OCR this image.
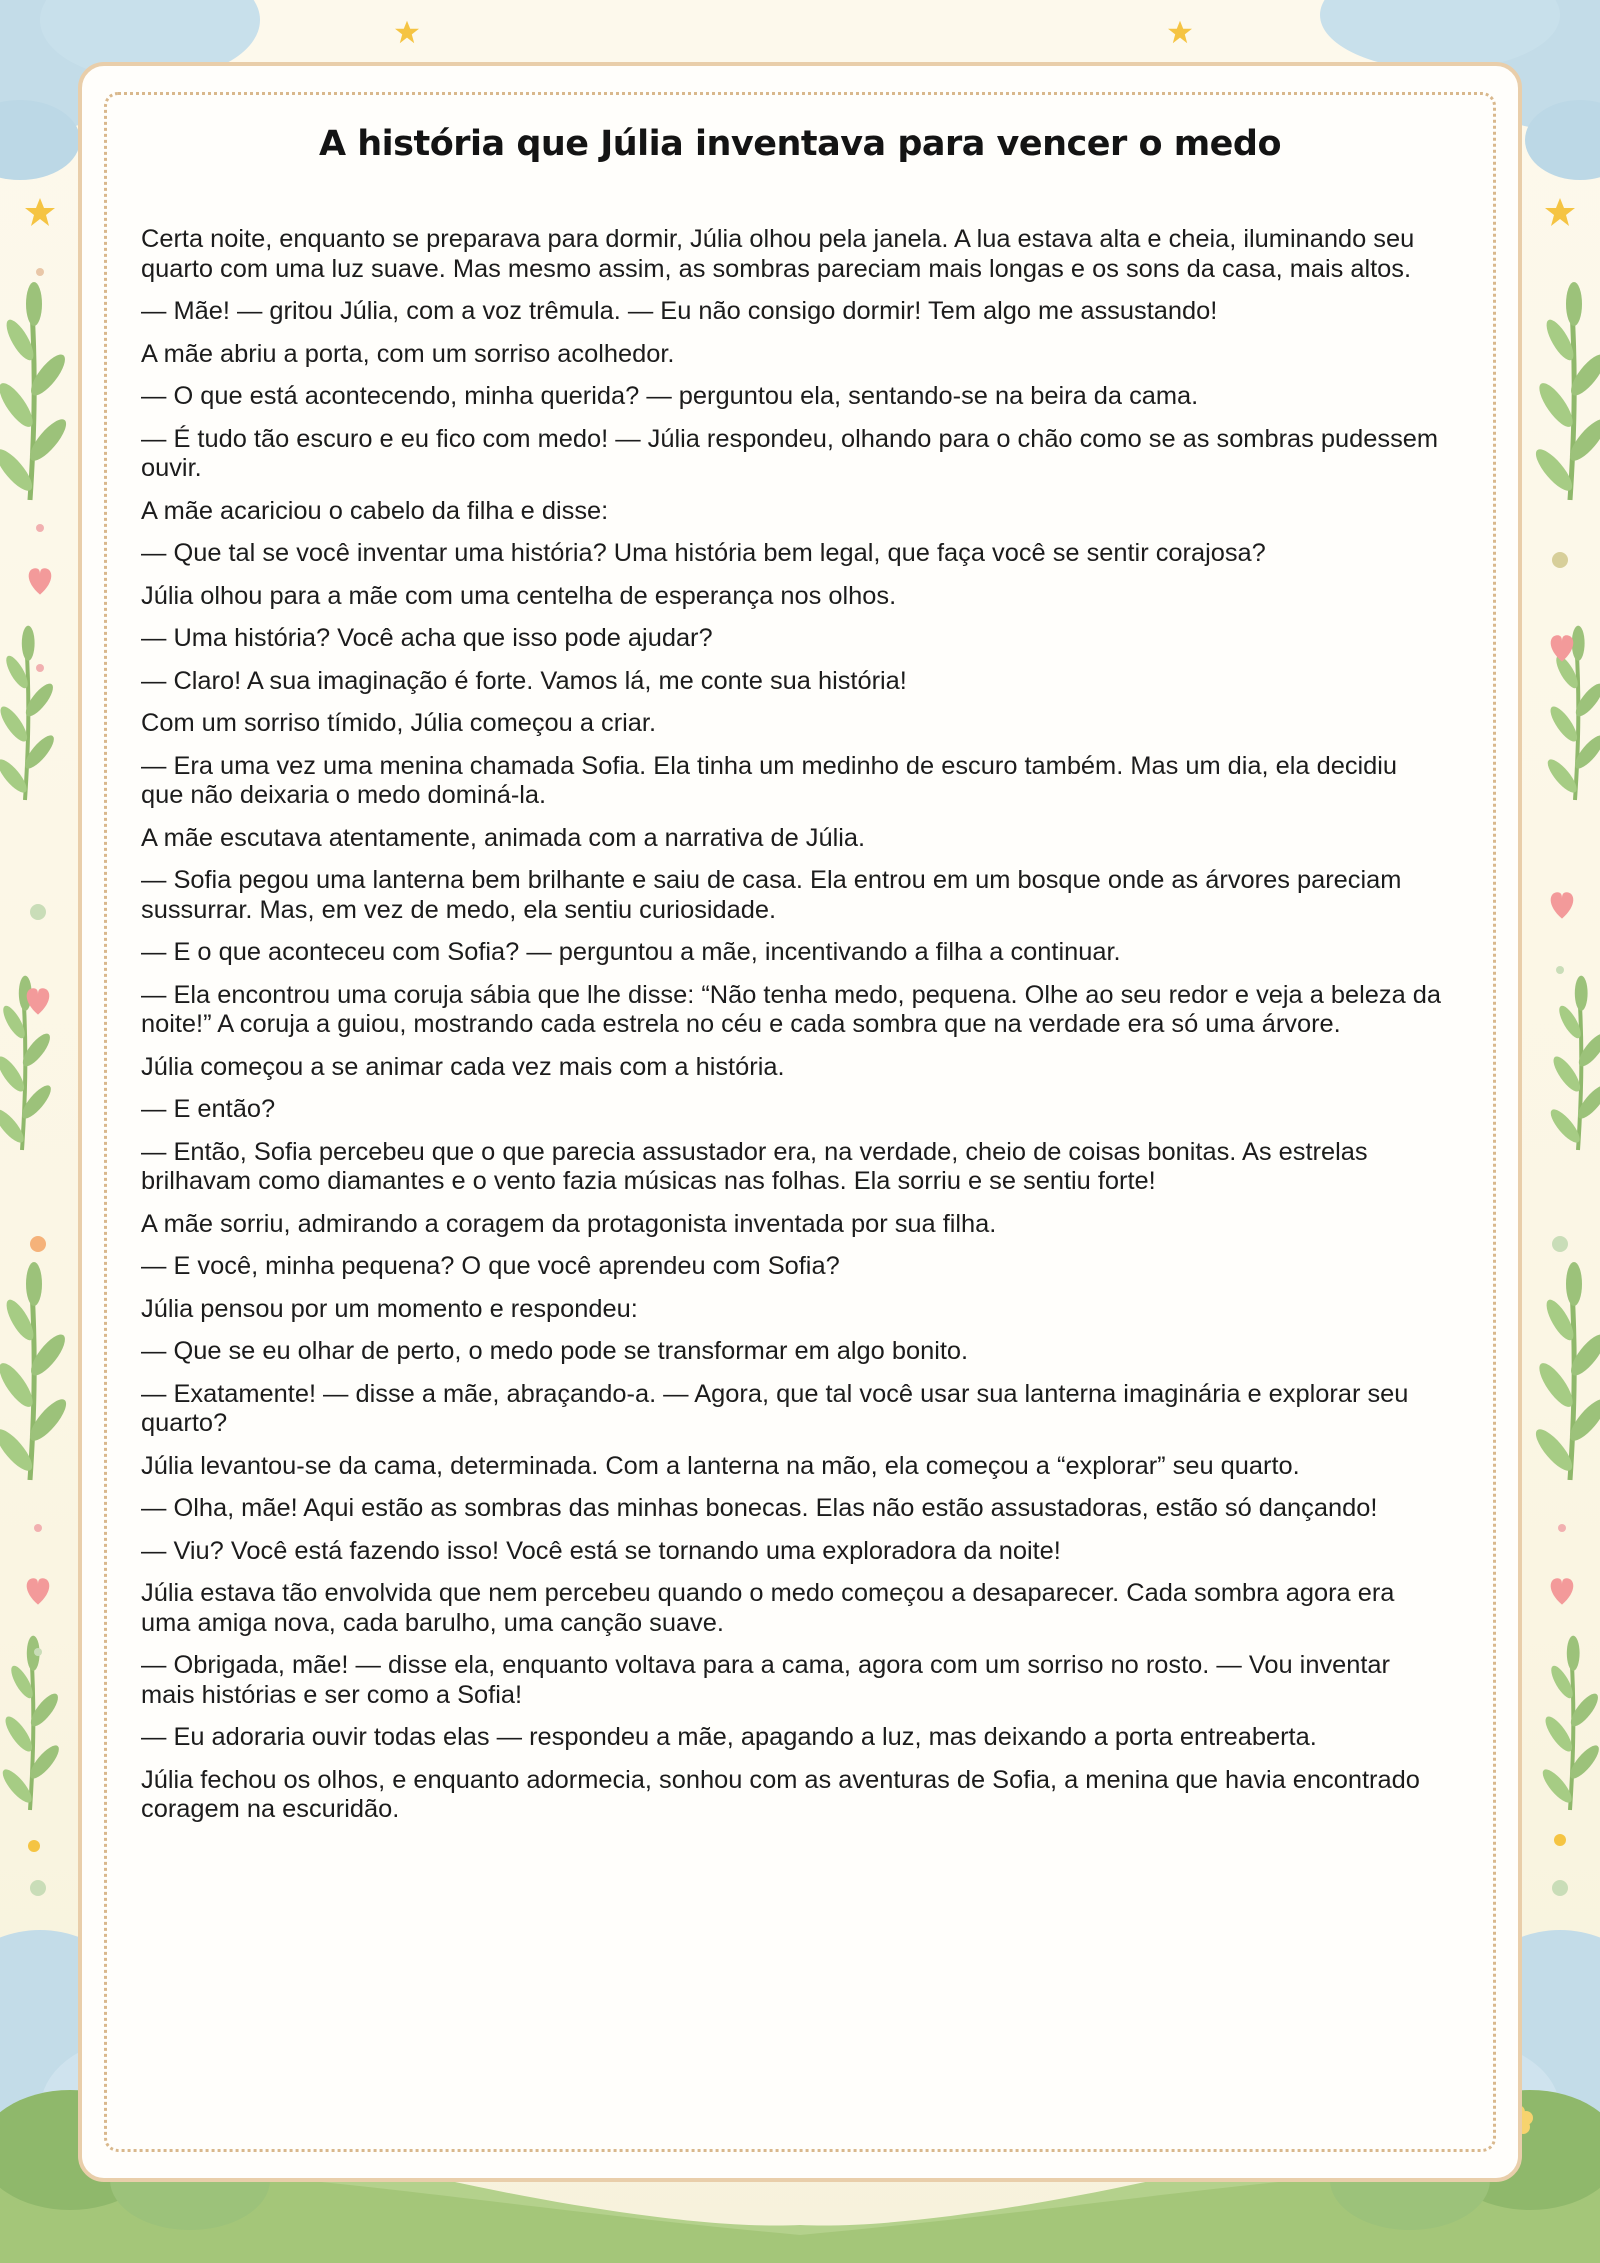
A história que Júlia inventava para vencer o medo

Certa noite, enquanto se preparava para dormir, Júlia olhou pela janela. A lua estava alta e cheia, iluminando seu quarto com uma luz suave. Mas mesmo assim, as sombras pareciam mais longas e os sons da casa, mais altos.

— Mãe! — gritou Júlia, com a voz trêmula. — Eu não consigo dormir! Tem algo me assustando!

A mãe abriu a porta, com um sorriso acolhedor.

— O que está acontecendo, minha querida? — perguntou ela, sentando-se na beira da cama.

— É tudo tão escuro e eu fico com medo! — Júlia respondeu, olhando para o chão como se as sombras pudessem ouvir.

A mãe acariciou o cabelo da filha e disse:

— Que tal se você inventar uma história? Uma história bem legal, que faça você se sentir corajosa?

Júlia olhou para a mãe com uma centelha de esperança nos olhos.

— Uma história? Você acha que isso pode ajudar?

— Claro! A sua imaginação é forte. Vamos lá, me conte sua história!

Com um sorriso tímido, Júlia começou a criar.

— Era uma vez uma menina chamada Sofia. Ela tinha um medinho de escuro também. Mas um dia, ela decidiu que não deixaria o medo dominá-la.

A mãe escutava atentamente, animada com a narrativa de Júlia.

— Sofia pegou uma lanterna bem brilhante e saiu de casa. Ela entrou em um bosque onde as árvores pareciam sussurrar. Mas, em vez de medo, ela sentiu curiosidade.

— E o que aconteceu com Sofia? — perguntou a mãe, incentivando a filha a continuar.

— Ela encontrou uma coruja sábia que lhe disse: “Não tenha medo, pequena. Olhe ao seu redor e veja a beleza da noite!” A coruja a guiou, mostrando cada estrela no céu e cada sombra que na verdade era só uma árvore.

Júlia começou a se animar cada vez mais com a história.

— E então?

— Então, Sofia percebeu que o que parecia assustador era, na verdade, cheio de coisas bonitas. As estrelas brilhavam como diamantes e o vento fazia músicas nas folhas. Ela sorriu e se sentiu forte!

A mãe sorriu, admirando a coragem da protagonista inventada por sua filha.

— E você, minha pequena? O que você aprendeu com Sofia?

Júlia pensou por um momento e respondeu:

— Que se eu olhar de perto, o medo pode se transformar em algo bonito.

— Exatamente! — disse a mãe, abraçando-a. — Agora, que tal você usar sua lanterna imaginária e explorar seu quarto?

Júlia levantou-se da cama, determinada. Com a lanterna na mão, ela começou a “explorar” seu quarto.

— Olha, mãe! Aqui estão as sombras das minhas bonecas. Elas não estão assustadoras, estão só dançando!

— Viu? Você está fazendo isso! Você está se tornando uma exploradora da noite!

Júlia estava tão envolvida que nem percebeu quando o medo começou a desaparecer. Cada sombra agora era uma amiga nova, cada barulho, uma canção suave.

— Obrigada, mãe! — disse ela, enquanto voltava para a cama, agora com um sorriso no rosto. — Vou inventar mais histórias e ser como a Sofia!

— Eu adoraria ouvir todas elas — respondeu a mãe, apagando a luz, mas deixando a porta entreaberta.

Júlia fechou os olhos, e enquanto adormecia, sonhou com as aventuras de Sofia, a menina que havia encontrado coragem na escuridão.
